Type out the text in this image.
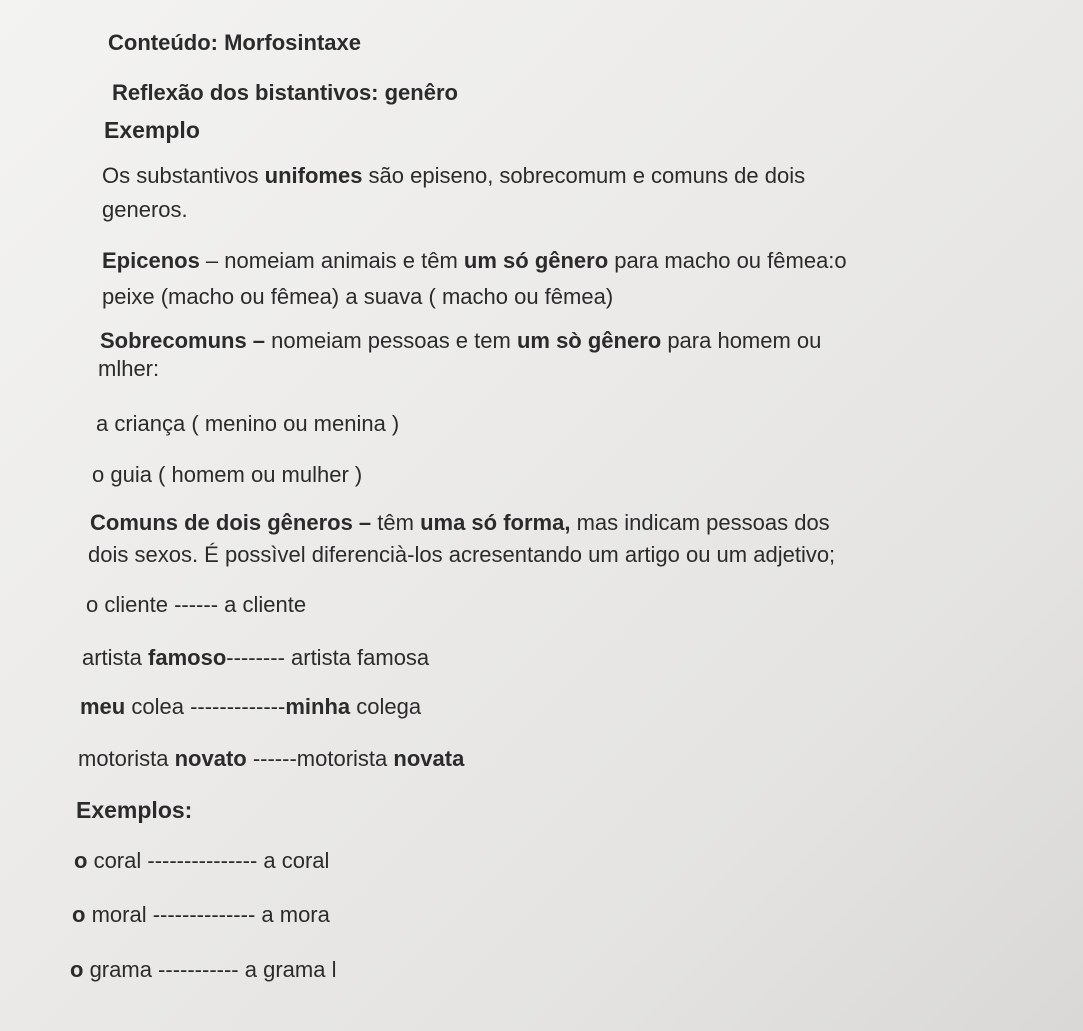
Conteúdo: Morfosintaxe
Reflexão dos bistantivos: genêro
Exemplo
Os substantivos unifomes são episeno, sobrecomum e comuns de dois
generos.
Epicenos – nomeiam animais e têm um só gênero para macho ou fêmea:o
peixe (macho ou fêmea) a suava ( macho ou fêmea)
Sobrecomuns – nomeiam pessoas e tem um sò gênero para homem ou
mlher:
a criança ( menino ou menina )
o guia ( homem ou mulher )
Comuns de dois gêneros – têm uma só forma, mas indicam pessoas dos
dois sexos. É possìvel diferencià-los acresentando um artigo ou um adjetivo;
o cliente ------ a cliente
artista famoso-------- artista famosa
meu colea -------------minha colega
motorista novato ------motorista novata
Exemplos:
o coral --------------- a coral
o moral -------------- a mora
o grama ----------- a grama l
